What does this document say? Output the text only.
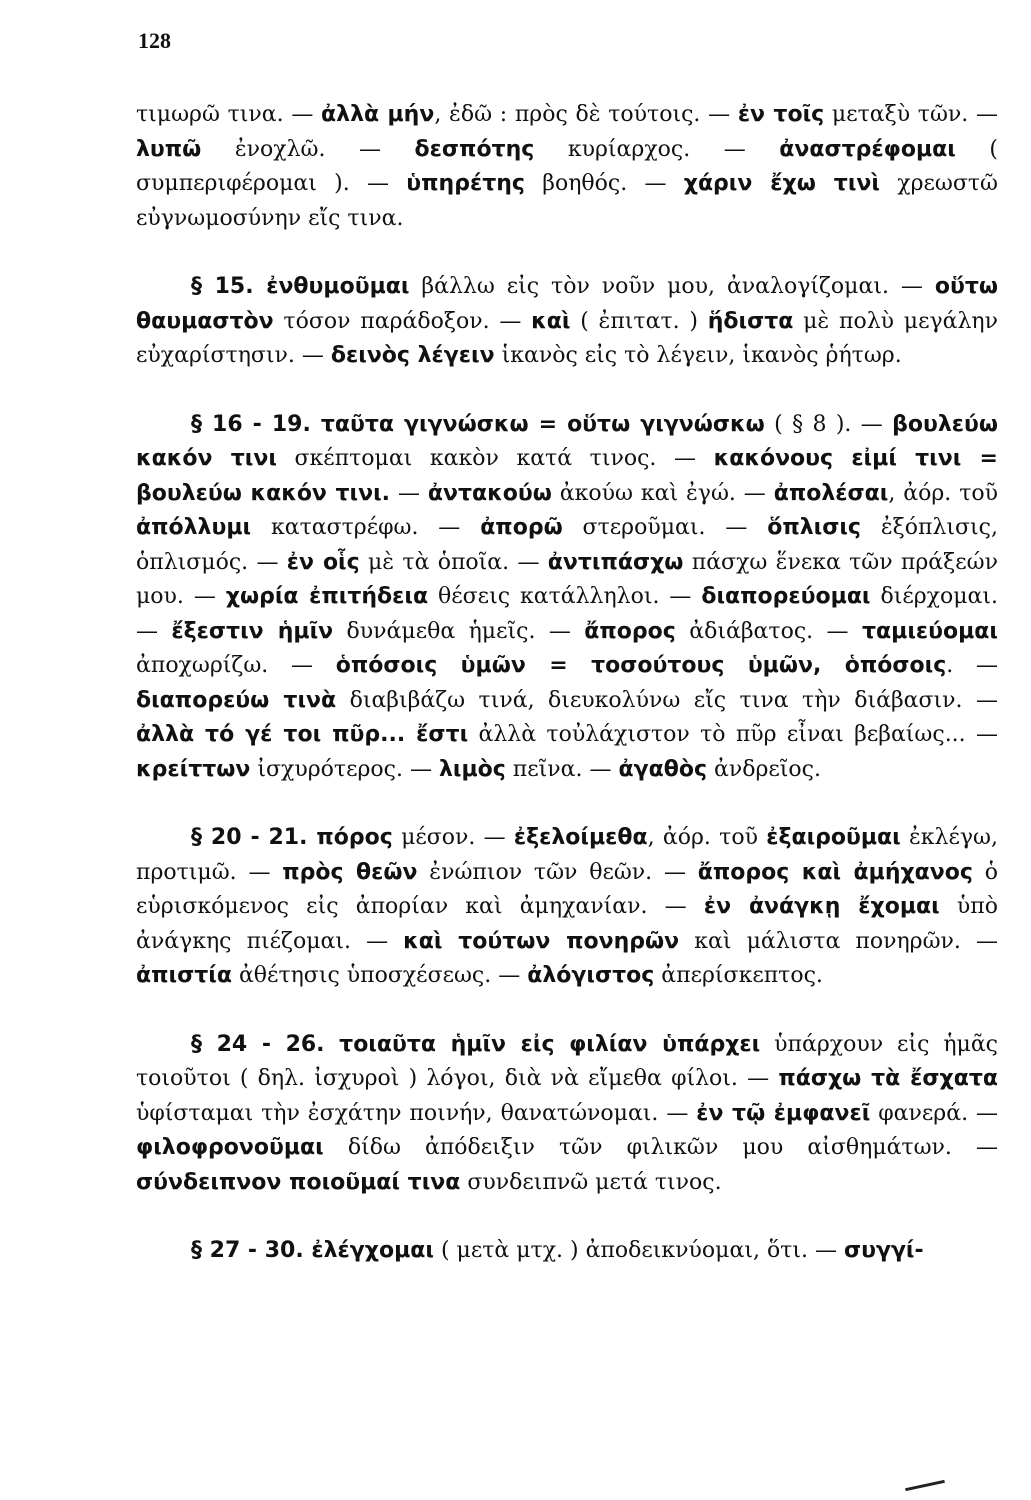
128

τιμωρῶ τινα. — ἀλλὰ μήν, ἐδῶ : πρὸς δὲ τούτοις. — ἐν τοῖς μεταξὺ τῶν. — λυπῶ ἐνοχλῶ. — δεσπότης κυρίαρχος. — ἀναστρέφομαι ( συμπεριφέρομαι ). — ὑπηρέτης βοηθός. — χάριν ἔχω τινὶ χρεωστῶ εὐγνωμοσύνην εἴς τινα.

§ 15. ἐνθυμοῦμαι βάλλω εἰς τὸν νοῦν μου, ἀναλογίζομαι. — οὕτω θαυμαστὸν τόσον παράδοξον. — καὶ ( ἐπιτατ. ) ἥδιστα μὲ πολὺ μεγάλην εὐχαρίστησιν. — δεινὸς λέγειν ἱκανὸς εἰς τὸ λέγειν, ἱκανὸς ῥήτωρ.

§ 16 - 19. ταῦτα γιγνώσκω = οὕτω γιγνώσκω ( § 8 ). — βουλεύω κακόν τινι σκέπτομαι κακὸν κατά τινος. — κακόνους εἰμί τινι = βουλεύω κακόν τινι. — ἀντακούω ἀκούω καὶ ἐγώ. — ἀπολέσαι, ἀόρ. τοῦ ἀπόλλυμι καταστρέφω. — ἀπορῶ στεροῦμαι. — ὅπλισις ἐξόπλισις, ὁπλισμός. — ἐν οἷς μὲ τὰ ὁποῖα. — ἀντιπάσχω πάσχω ἕνεκα τῶν πράξεών μου. — χωρία ἐπιτήδεια θέσεις κατάλληλοι. — διαπορεύομαι διέρχομαι. — ἔξεστιν ἡμῖν δυνάμεθα ἡμεῖς. — ἄπορος ἀδιάβατος. — ταμιεύομαι ἀποχωρίζω. — ὁπόσοις ὑμῶν = τοσούτους ὑμῶν, ὁπόσοις. — διαπορεύω τινὰ διαβιβάζω τινά, διευκολύνω εἴς τινα τὴν διάβασιν. — ἀλλὰ τό γέ τοι πῦρ... ἔστι ἀλλὰ τοὐλάχιστον τὸ πῦρ εἶναι βεβαίως... — κρείττων ἰσχυρότερος. — λιμὸς πεῖνα. — ἀγαθὸς ἀνδρεῖος.

§ 20 - 21. πόρος μέσον. — ἐξελοίμεθα, ἀόρ. τοῦ ἐξαιροῦμαι ἐκλέγω, προτιμῶ. — πρὸς θεῶν ἐνώπιον τῶν θεῶν. — ἄπορος καὶ ἀμήχανος ὁ εὑρισκόμενος εἰς ἀπορίαν καὶ ἀμηχανίαν. — ἐν ἀνάγκῃ ἔχομαι ὑπὸ ἀνάγκης πιέζομαι. — καὶ τούτων πονηρῶν καὶ μάλιστα πονηρῶν. — ἀπιστία ἀθέτησις ὑποσχέσεως. — ἀλόγιστος ἀπερίσκεπτος.

§ 24 - 26. τοιαῦτα ἡμῖν εἰς φιλίαν ὑπάρχει ὑπάρχουν εἰς ἡμᾶς τοιοῦτοι ( δηλ. ἰσχυροὶ ) λόγοι, διὰ νὰ εἴμεθα φίλοι. — πάσχω τὰ ἔσχατα ὑφίσταμαι τὴν ἐσχάτην ποινήν, θανατώνομαι. — ἐν τῷ ἐμφανεῖ φανερά. — φιλοφρονοῦμαι δίδω ἀπόδειξιν τῶν φιλικῶν μου αἰσθημάτων. — σύνδειπνον ποιοῦμαί τινα συνδειπνῶ μετά τινος.

§ 27 - 30. ἐλέγχομαι ( μετὰ μτχ. ) ἀποδεικνύομαι, ὅτι. — συγγί-
